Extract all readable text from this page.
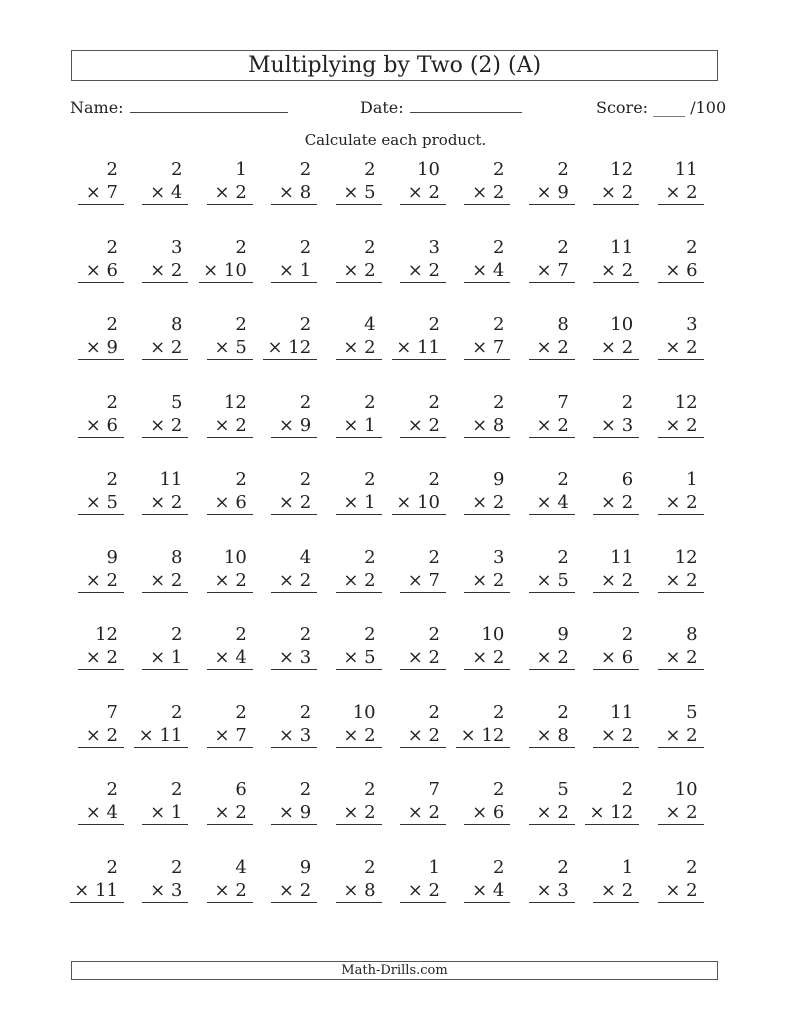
Multiplying by Two (2) (A)
Name:	Date:	Score: ____ /100
Calculate each product.
2
× 7
2
× 4
1
× 2
2
× 8
2
× 5
10
× 2
2
× 2
2
× 9
12
× 2
11
× 2
2
× 6
3
× 2
2
× 10
2
× 1
2
× 2
3
× 2
2
× 4
2
× 7
11
× 2
2
× 6
2
× 9
8
× 2
2
× 5
2
× 12
4
× 2
2
× 11
2
× 7
8
× 2
10
× 2
3
× 2
2
× 6
5
× 2
12
× 2
2
× 9
2
× 1
2
× 2
2
× 8
7
× 2
2
× 3
12
× 2
2
× 5
11
× 2
2
× 6
2
× 2
2
× 1
2
× 10
9
× 2
2
× 4
6
× 2
1
× 2
9
× 2
8
× 2
10
× 2
4
× 2
2
× 2
2
× 7
3
× 2
2
× 5
11
× 2
12
× 2
12
× 2
2
× 1
2
× 4
2
× 3
2
× 5
2
× 2
10
× 2
9
× 2
2
× 6
8
× 2
7
× 2
2
× 11
2
× 7
2
× 3
10
× 2
2
× 2
2
× 12
2
× 8
11
× 2
5
× 2
2
× 4
2
× 1
6
× 2
2
× 9
2
× 2
7
× 2
2
× 6
5
× 2
2
× 12
10
× 2
2
× 11
2
× 3
4
× 2
9
× 2
2
× 8
1
× 2
2
× 4
2
× 3
1
× 2
2
× 2
Math-Drills.com
